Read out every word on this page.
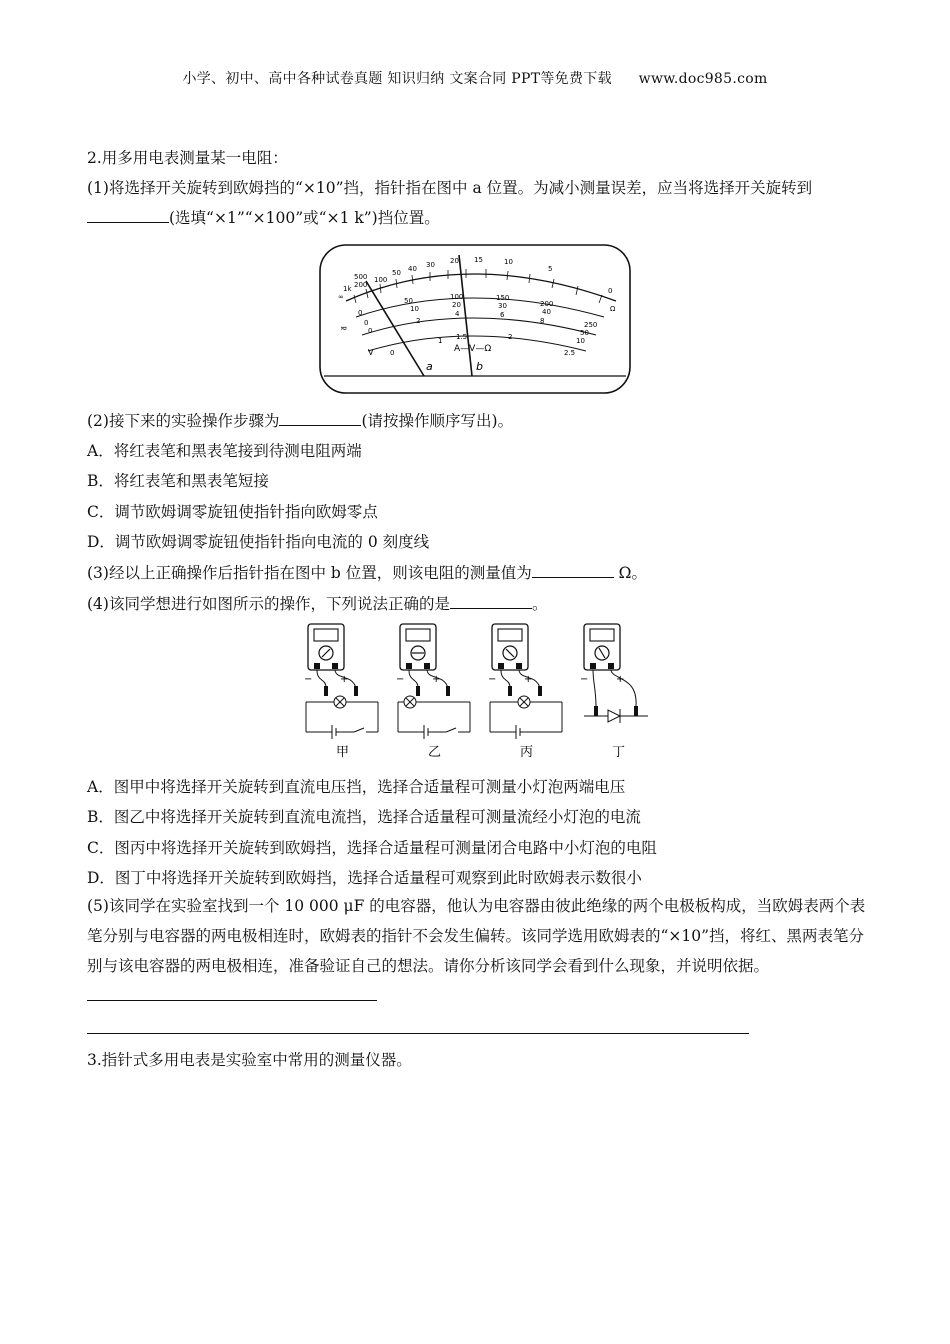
小学、初中、高中各种试卷真题 知识归纳 文案合同 PPT等免费下载 www.doc985.com
2.用多用电表测量某一电阻：
(1)将选择开关旋转到欧姆挡的“×10”挡，指针指在图中 a 位置。为减小测量误差，应当将选择开关旋转到
(选填“×1”“×100”或“×1 k”)挡位置。
∞
1k
500
200
100
50 40 30 20 15	10
5
0
Ω
0
50	100	150
200
250
0
10	20	30
40
50
0
2
4	6
8
10
0
1 1.5	2
2.5
A—V—Ω
≂
V
a	b
(2)接下来的实验操作步骤为	(请按操作顺序写出)。
A．将红表笔和黑表笔接到待测电阻两端
B．将红表笔和黑表笔短接
C．调节欧姆调零旋钮使指针指向欧姆零点
D．调节欧姆调零旋钮使指针指向电流的 0 刻度线
(3)经以上正确操作后指针指在图中 b 位置，则该电阻的测量值为	Ω。
(4)该同学想进行如图所示的操作，下列说法正确的是	。
−	+
甲
−	+
乙
−	+
丙
−	+
丁
A．图甲中将选择开关旋转到直流电压挡，选择合适量程可测量小灯泡两端电压
B．图乙中将选择开关旋转到直流电流挡，选择合适量程可测量流经小灯泡的电流
C．图丙中将选择开关旋转到欧姆挡，选择合适量程可测量闭合电路中小灯泡的电阻
D．图丁中将选择开关旋转到欧姆挡，选择合适量程可观察到此时欧姆表示数很小
(5)该同学在实验室找到一个 10 000 μF 的电容器，他认为电容器由彼此绝缘的两个电极板构成，当欧姆表两个表笔分别与电容器的两电极相连时，欧姆表的指针不会发生偏转。该同学选用欧姆表的“×10”挡，将红、黑两表笔分别与该电容器的两电极相连，准备验证自己的想法。请你分析该同学会看到什么现象，并说明依据。
3.指针式多用电表是实验室中常用的测量仪器。
